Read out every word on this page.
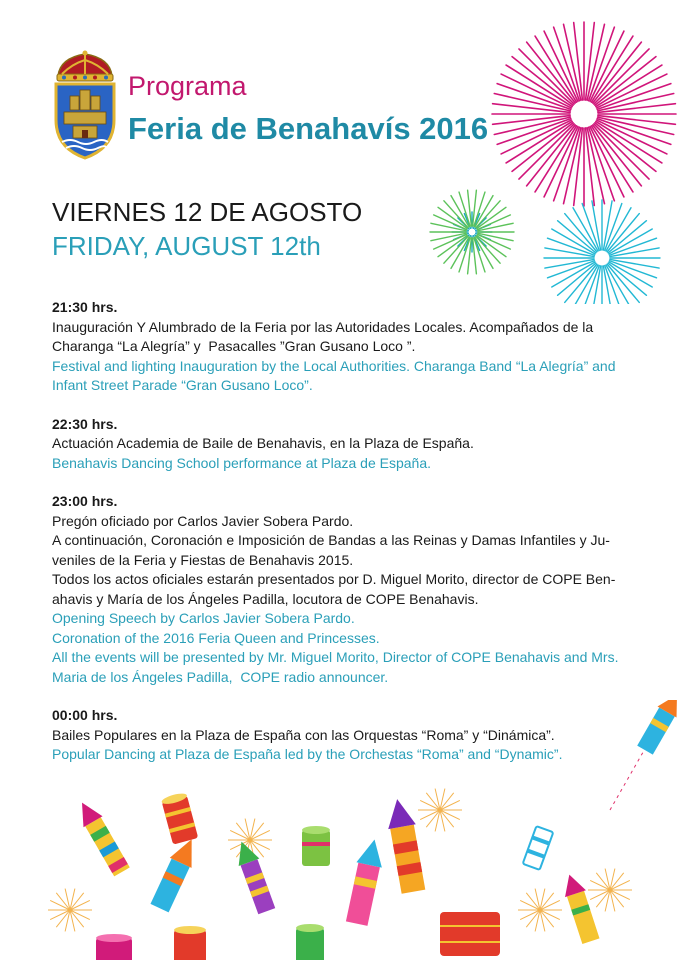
Programa
Feria de Benahavís 2016
VIERNES 12 DE AGOSTO
FRIDAY, AUGUST 12th
21:30 hrs.
Inauguración Y Alumbrado de la Feria por las Autoridades Locales. Acompañados de la
Charanga “La Alegría” y  Pasacalles ”Gran Gusano Loco ”.
Festival and lighting Inauguration by the Local Authorities. Charanga Band “La Alegría” and
Infant Street Parade “Gran Gusano Loco”.
22:30 hrs.
Actuación Academia de Baile de Benahavis, en la Plaza de España.
Benahavis Dancing School performance at Plaza de España.
23:00 hrs.
Pregón oficiado por Carlos Javier Sobera Pardo.
A continuación, Coronación e Imposición de Bandas a las Reinas y Damas Infantiles y Ju-
veniles de la Feria y Fiestas de Benahavis 2015.
Todos los actos oficiales estarán presentados por D. Miguel Morito, director de COPE Ben-
ahavis y María de los Ángeles Padilla, locutora de COPE Benahavis.
Opening Speech by Carlos Javier Sobera Pardo.
Coronation of the 2016 Feria Queen and Princesses.
All the events will be presented by Mr. Miguel Morito, Director of COPE Benahavis and Mrs.
Maria de los Ángeles Padilla,  COPE radio announcer.
00:00 hrs.
Bailes Populares en la Plaza de España con las Orquestas “Roma” y “Dinámica”.
Popular Dancing at Plaza de España led by the Orchestas “Roma” and “Dynamic”.
